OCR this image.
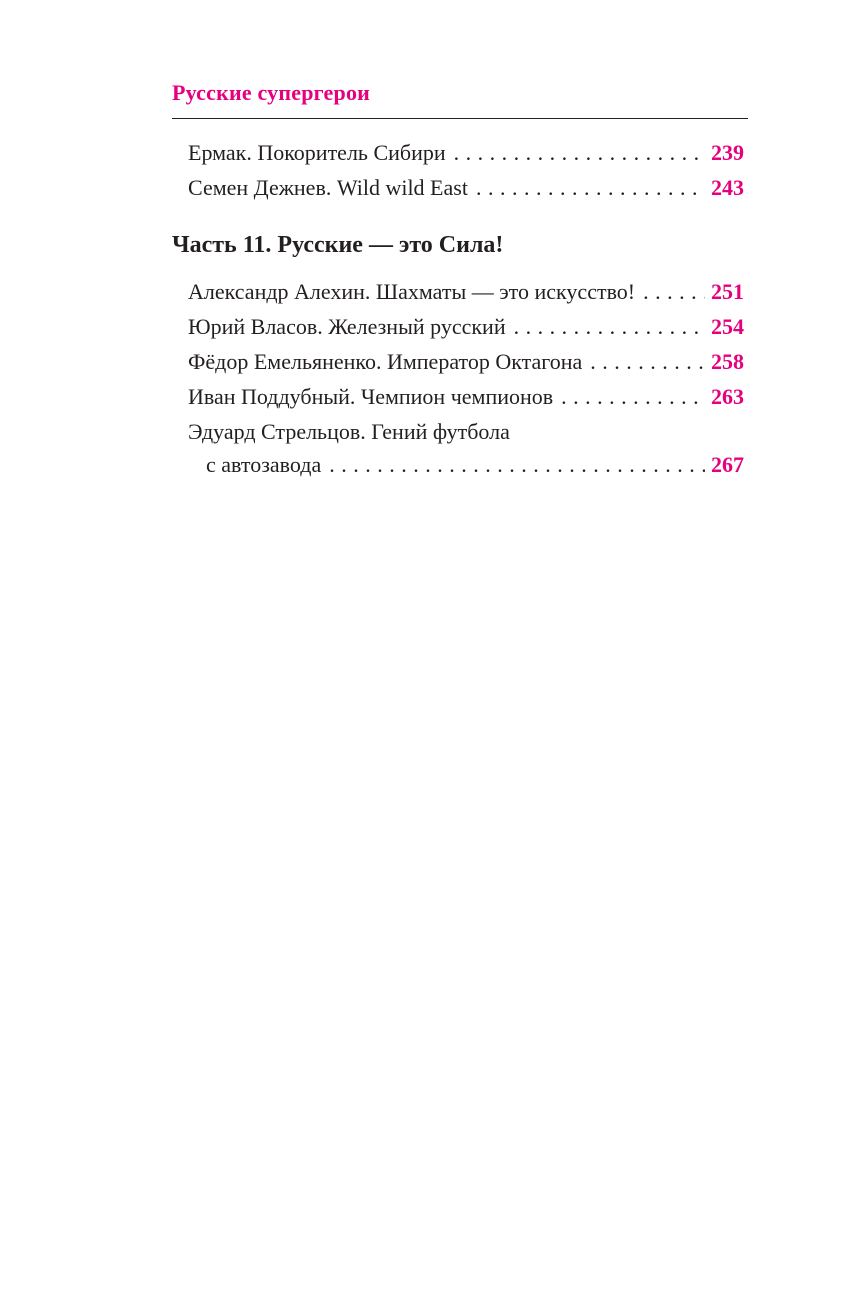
Русские супергерои
Ермак. Покоритель Сибири . . .	239
Семен Дежнев. Wild wild East . . .	243
Часть 11. Русские — это Сила!
Александр Алехин. Шахматы — это искусство! . . .	251
Юрий Власов. Железный русский . . .	254
Фёдор Емельяненко. Император Октагона . . .	258
Иван Поддубный. Чемпион чемпионов . . .	263
Эдуард Стрельцов. Гений футбола
с автозавода . . .	267
